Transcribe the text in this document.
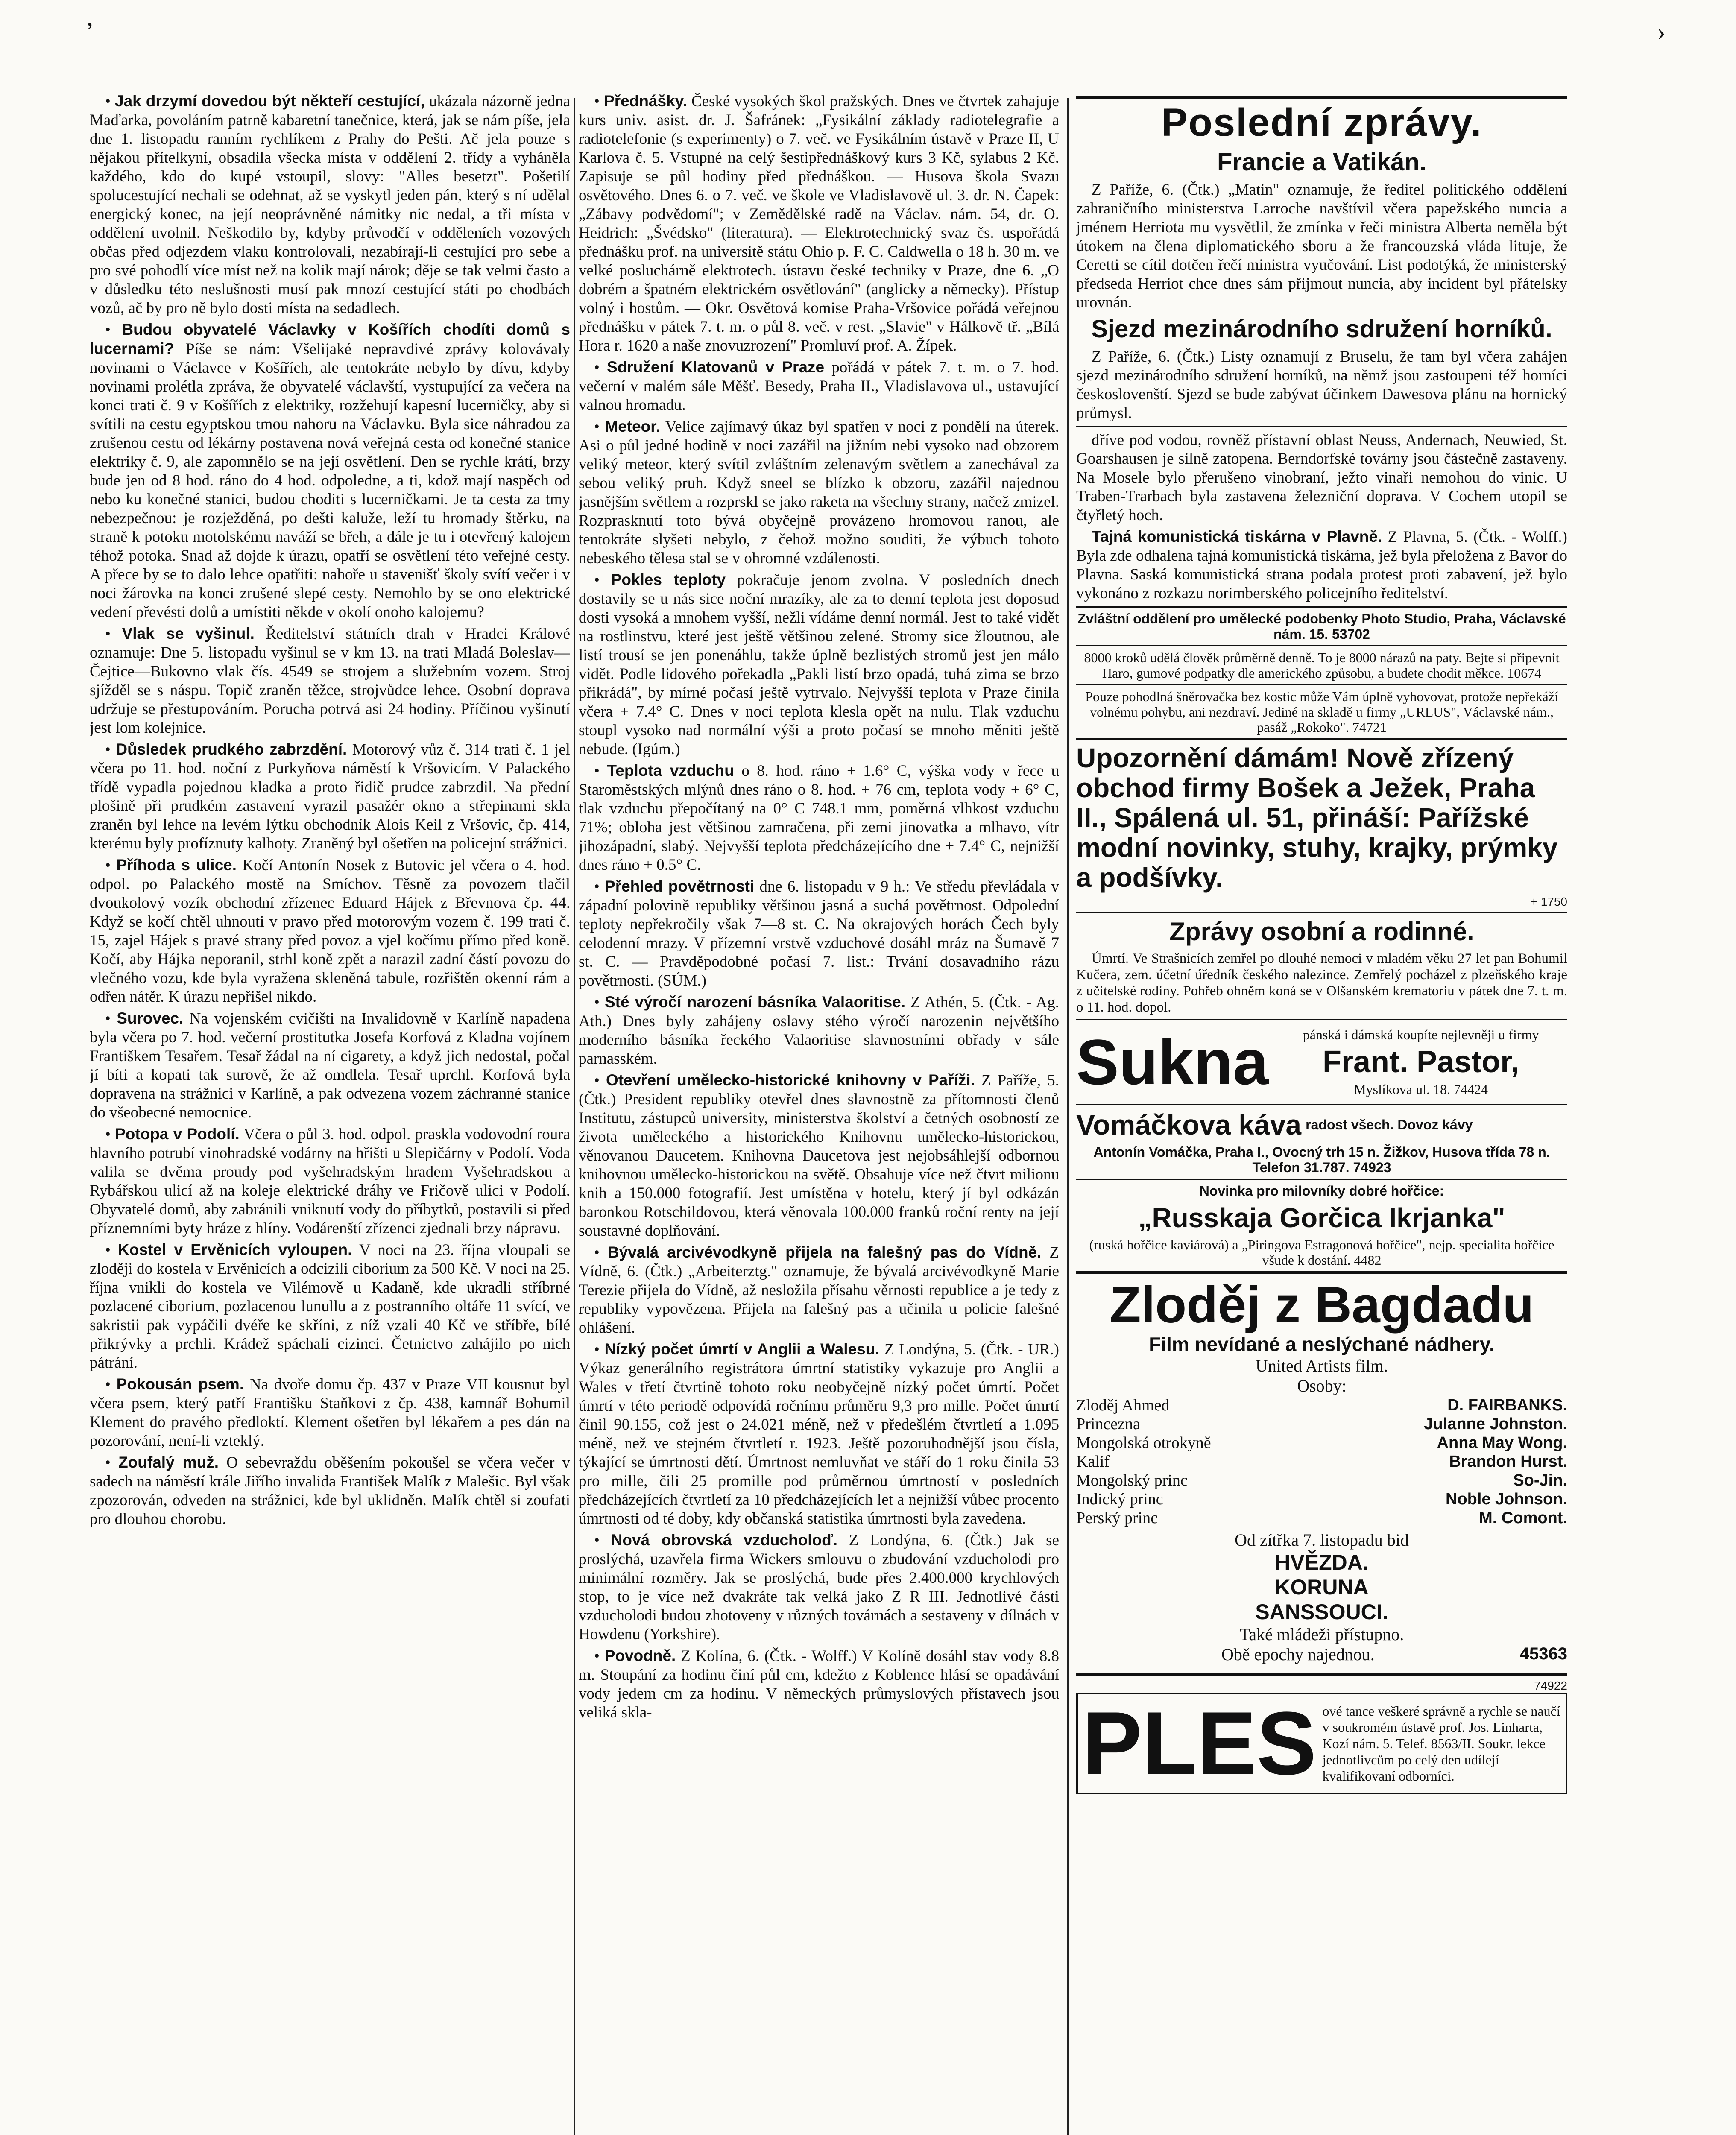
ʼ	›

• Jak drzymí dovedou být někteří cestující, ukázala názorně jedna Maďarka, povoláním patrně kabaretní tanečnice, která, jak se nám píše, jela dne 1. listopadu ranním rychlíkem z Prahy do Pešti. Ač jela pouze s nějakou přítelkyní, obsadila všecka místa v oddělení 2. třídy a vyháněla každého, kdo do kupé vstoupil, slovy: "Alles besetzt". Pošetilí spolucestující nechali se odehnat, až se vyskytl jeden pán, který s ní udělal energický konec, na její neoprávněné námitky nic nedal, a tři místa v oddělení uvolnil. Neškodilo by, kdyby průvodčí v odděleních vozových občas před odjezdem vlaku kontrolovali, nezabírají-li cestující pro sebe a pro své pohodlí více míst než na kolik mají nárok; děje se tak velmi často a v důsledku této neslušnosti musí pak mnozí cestující státi po chodbách vozů, ač by pro ně bylo dosti místa na sedadlech.

• Budou obyvatelé Václavky v Košířích chodíti domů s lucernami? Píše se nám: Všelijaké nepravdivé zprávy kolovávaly novinami o Václavce v Košířích, ale tentokráte nebylo by dívu, kdyby novinami prolétla zpráva, že obyvatelé václavští, vystupující za večera na konci trati č. 9 v Košířích z elektriky, rozžehují kapesní lucerničky, aby si svítili na cestu egyptskou tmou nahoru na Václavku. Byla sice náhradou za zrušenou cestu od lékárny postavena nová veřejná cesta od konečné stanice elektriky č. 9, ale zapomnělo se na její osvětlení. Den se rychle krátí, brzy bude jen od 8 hod. ráno do 4 hod. odpoledne, a ti, kdož mají naspěch od nebo ku konečné stanici, budou choditi s lucerničkami. Je ta cesta za tmy nebezpečnou: je rozježděná, po dešti kaluže, leží tu hromady štěrku, na straně k potoku motolskému naváží se břeh, a dále je tu i otevřený kalojem téhož potoka. Snad až dojde k úrazu, opatří se osvětlení této veřejné cesty. A přece by se to dalo lehce opatřiti: nahoře u stavenišť školy svítí večer i v noci žárovka na konci zrušené slepé cesty. Nemohlo by se ono elektrické vedení převésti dolů a umístiti někde v okolí onoho kalojemu?

• Vlak se vyšinul. Ředitelství státních drah v Hradci Králové oznamuje: Dne 5. listopadu vyšinul se v km 13. na trati Mladá Boleslav—Čejtice—Bukovno vlak čís. 4549 se strojem a služebním vozem. Stroj sjížděl se s náspu. Topič zraněn těžce, strojvůdce lehce. Osobní doprava udržuje se přestupováním. Porucha potrvá asi 24 hodiny. Příčinou vyšinutí jest lom kolejnice.

• Důsledek prudkého zabrzdění. Motorový vůz č. 314 trati č. 1 jel včera po 11. hod. noční z Purkyňova náměstí k Vršovicím. V Palackého třídě vypadla pojednou kladka a proto řidič prudce zabrzdil. Na přední plošině při prudkém zastavení vyrazil pasažér okno a střepinami skla zraněn byl lehce na levém lýtku obchodník Alois Keil z Vršovic, čp. 414, kterému byly profíznuty kalhoty. Zraněný byl ošetřen na policejní strážnici.

• Příhoda s ulice. Kočí Antonín Nosek z Butovic jel včera o 4. hod. odpol. po Palackého mostě na Smíchov. Těsně za povozem tlačil dvoukolový vozík obchodní zřízenec Eduard Hájek z Břevnova čp. 44. Když se kočí chtěl uhnouti v pravo před motorovým vozem č. 199 trati č. 15, zajel Hájek s pravé strany před povoz a vjel kočímu přímo před koně. Kočí, aby Hájka neporanil, strhl koně zpět a narazil zadní částí povozu do vlečného vozu, kde byla vyražena skleněná tabule, rozřištěn okenní rám a odřen nátěr. K úrazu nepřišel nikdo.

• Surovec. Na vojenském cvičišti na Invalidovně v Karlíně napadena byla včera po 7. hod. večerní prostitutka Josefa Korfová z Kladna vojínem Františkem Tesařem. Tesař žádal na ní cigarety, a když jich nedostal, počal jí bíti a kopati tak surově, že až omdlela. Tesař uprchl. Korfová byla dopravena na strážnici v Karlíně, a pak odvezena vozem záchranné stanice do všeobecné nemocnice.

• Potopa v Podolí. Včera o půl 3. hod. odpol. praskla vodovodní roura hlavního potrubí vinohradské vodárny na hřišti u Slepičárny v Podolí. Voda valila se dvěma proudy pod vyšehradským hradem Vyšehradskou a Rybářskou ulicí až na koleje elektrické dráhy ve Fričově ulici v Podolí. Obyvatelé domů, aby zabránili vniknutí vody do příbytků, postavili si před příznemními byty hráze z hlíny. Vodárenští zřízenci zjednali brzy nápravu.

• Kostel v Ervěnicích vyloupen. V noci na 23. října vloupali se zloději do kostela v Ervěnicích a odcizili ciborium za 500 Kč. V noci na 25. října vnikli do kostela ve Vilémově u Kadaně, kde ukradli stříbrné pozlacené ciborium, pozlacenou lunullu a z postranního oltáře 11 svící, ve sakristii pak vypáčili dvéře ke skříni, z níž vzali 40 Kč ve stříbře, bílé přikrývky a prchli. Krádež spáchali cizinci. Četnictvo zahájilo po nich pátrání.

• Pokousán psem. Na dvoře domu čp. 437 v Praze VII kousnut byl včera psem, který patří Františku Staňkovi z čp. 438, kamnář Bohumil Klement do pravého předloktí. Klement ošetřen byl lékařem a pes dán na pozorování, není-li vzteklý.

• Zoufalý muž. O sebevraždu oběšením pokoušel se včera večer v sadech na náměstí krále Jiřího invalida František Malík z Malešic. Byl však zpozorován, odveden na strážnici, kde byl uklidněn. Malík chtěl si zoufati pro dlouhou chorobu.

• Přednášky. České vysokých škol pražských. Dnes ve čtvrtek zahajuje kurs univ. asist. dr. J. Šafránek: „Fysikální základy radiotelegrafie a radiotelefonie (s experimenty) o 7. več. ve Fysikálním ústavě v Praze II, U Karlova č. 5. Vstupné na celý šestipřednáškový kurs 3 Kč, sylabus 2 Kč. Zapisuje se půl hodiny před přednáškou. — Husova škola Svazu osvětového. Dnes 6. o 7. več. ve škole ve Vladislavově ul. 3. dr. N. Čapek: „Zábavy podvědomí"; v Zemědělské radě na Václav. nám. 54, dr. O. Heidrich: „Švédsko" (literatura). — Elektrotechnický svaz čs. uspořádá přednášku prof. na universitě státu Ohio p. F. C. Caldwella o 18 h. 30 m. ve velké posluchárně elektrotech. ústavu české techniky v Praze, dne 6. „O dobrém a špatném elektrickém osvětlování" (anglicky a německy). Přístup volný i hostům. — Okr. Osvětová komise Praha-Vršovice pořádá veřejnou přednášku v pátek 7. t. m. o půl 8. več. v rest. „Slavie" v Hálkově tř. „Bílá Hora r. 1620 a naše znovuzrození" Promluví prof. A. Žípek.

• Sdružení Klatovanů v Praze pořádá v pátek 7. t. m. o 7. hod. večerní v malém sále Měšť. Besedy, Praha II., Vladislavova ul., ustavující valnou hromadu.

• Meteor. Velice zajímavý úkaz byl spatřen v noci z pondělí na úterek. Asi o půl jedné hodině v noci zazářil na jižním nebi vysoko nad obzorem veliký meteor, který svítil zvláštním zelenavým světlem a zanechával za sebou veliký pruh. Když sneel se blízko k obzoru, zazářil najednou jasnějším světlem a rozprskl se jako raketa na všechny strany, načež zmizel. Rozprasknutí toto bývá obyčejně provázeno hromovou ranou, ale tentokráte slyšeti nebylo, z čehož možno souditi, že výbuch tohoto nebeského tělesa stal se v ohromné vzdálenosti.

• Pokles teploty pokračuje jenom zvolna. V posledních dnech dostavily se u nás sice noční mrazíky, ale za to denní teplota jest doposud dosti vysoká a mnohem vyšší, nežli vídáme denní normál. Jest to také vidět na rostlinstvu, které jest ještě většinou zelené. Stromy sice žloutnou, ale listí trousí se jen ponenáhlu, takže úplně bezlistých stromů jest jen málo vidět. Podle lidového pořekadla „Pakli listí brzo opadá, tuhá zima se brzo přikrádá", by mírné počasí ještě vytrvalo. Nejvyšší teplota v Praze činila včera + 7.4° C. Dnes v noci teplota klesla opět na nulu. Tlak vzduchu stoupl vysoko nad normální výši a proto počasí se mnoho měniti ještě nebude. (Igúm.)

• Teplota vzduchu o 8. hod. ráno + 1.6° C, výška vody v řece u Staroměstských mlýnů dnes ráno o 8. hod. + 76 cm, teplota vody + 6° C, tlak vzduchu přepočítaný na 0° C 748.1 mm, poměrná vlhkost vzduchu 71%; obloha jest většinou zamračena, při zemi jinovatka a mlhavo, vítr jihozápadní, slabý. Nejvyšší teplota předcházejícího dne + 7.4° C, nejnižší dnes ráno + 0.5° C.

• Přehled povětrnosti dne 6. listopadu v 9 h.: Ve středu převládala v západní polovině republiky většinou jasná a suchá povětrnost. Odpolední teploty nepřekročily však 7—8 st. C. Na okrajových horách Čech byly celodenní mrazy. V přízemní vrstvě vzduchové dosáhl mráz na Šumavě 7 st. C. — Pravděpodobné počasí 7. list.: Trvání dosavadního rázu povětrnosti. (SÚM.)

• Sté výročí narození básníka Valaoritise. Z Athén, 5. (Čtk. - Ag. Ath.) Dnes byly zahájeny oslavy stého výročí narozenin největšího moderního básníka řeckého Valaoritise slavnostními obřady v sále parnasském.

• Otevření umělecko-historické knihovny v Paříži. Z Paříže, 5. (Čtk.) President republiky otevřel dnes slavnostně za přítomnosti členů Institutu, zástupců university, ministerstva školství a četných osobností ze života uměleckého a historického Knihovnu umělecko-historickou, věnovanou Daucetem. Knihovna Daucetova jest nejobsáhlejší odbornou knihovnou umělecko-historickou na světě. Obsahuje více než čtvrt milionu knih a 150.000 fotografií. Jest umístěna v hotelu, který jí byl odkázán baronkou Rotschildovou, která věnovala 100.000 franků roční renty na její soustavné doplňování.

• Bývalá arcivévodkyně přijela na falešný pas do Vídně. Z Vídně, 6. (Čtk.) „Arbeiterztg." oznamuje, že bývalá arcivévodkyně Marie Terezie přijela do Vídně, až nesložila přísahu věrnosti republice a je tedy z republiky vypovězena. Přijela na falešný pas a učinila u policie falešné ohlášení.

• Nízký počet úmrtí v Anglii a Walesu. Z Londýna, 5. (Čtk. - UR.) Výkaz generálního registrátora úmrtní statistiky vykazuje pro Anglii a Wales v třetí čtvrtině tohoto roku neobyčejně nízký počet úmrtí. Počet úmrtí v této periodě odpovídá ročnímu průměru 9,3 pro mille. Počet úmrtí činil 90.155, což jest o 24.021 méně, než v předešlém čtvrtletí a 1.095 méně, než ve stejném čtvrtletí r. 1923. Ještě pozoruhodnější jsou čísla, týkající se úmrtnosti dětí. Úmrtnost nemluvňat ve stáří do 1 roku činila 53 pro mille, čili 25 promille pod průměrnou úmrtností v posledních předcházejících čtvrtletí za 10 předcházejících let a nejnižší vůbec procento úmrtnosti od té doby, kdy občanská statistika úmrtnosti byla zavedena.

• Nová obrovská vzducholoď. Z Londýna, 6. (Čtk.) Jak se proslýchá, uzavřela firma Wickers smlouvu o zbudování vzducholodi pro minimální rozměry. Jak se proslýchá, bude přes 2.400.000 krychlových stop, to je více než dvakráte tak velká jako Z R III. Jednotlivé části vzducholodi budou zhotoveny v různých továrnách a sestaveny v dílnách v Howdenu (Yorkshire).

• Povodně. Z Kolína, 6. (Čtk. - Wolff.) V Kolíně dosáhl stav vody 8.8 m. Stoupání za hodinu činí půl cm, kdežto z Koblence hlásí se opadávání vody jedem cm za hodinu. V německých průmyslových přístavech jsou veliká skla-

Poslední zprávy.
Francie a Vatikán.

Z Paříže, 6. (Čtk.) „Matin" oznamuje, že ředitel politického oddělení zahraničního ministerstva Larroche navštívil včera papežského nuncia a jménem Herriota mu vysvětlil, že zmínka v řeči ministra Alberta neměla být útokem na člena diplomatického sboru a že francouzská vláda lituje, že Ceretti se cítil dotčen řečí ministra vyučování. List podotýká, že ministerský předseda Herriot chce dnes sám přijmout nuncia, aby incident byl přátelsky urovnán.

Sjezd mezinárodního sdružení horníků.

Z Paříže, 6. (Čtk.) Listy oznamují z Bruselu, že tam byl včera zahájen sjezd mezinárodního sdružení horníků, na němž jsou zastoupeni též horníci českoslovenští. Sjezd se bude zabývat účinkem Dawesova plánu na hornický průmysl.

dříve pod vodou, rovněž přístavní oblast Neuss, Andernach, Neuwied, St. Goarshausen je silně zatopena. Berndorfské továrny jsou částečně zastaveny. Na Mosele bylo přerušeno vinobraní, ježto vinaři nemohou do vinic. U Traben-Trarbach byla zastavena železniční doprava. V Cochem utopil se čtyřletý hoch.

Tajná komunistická tiskárna v Plavně. Z Plavna, 5. (Čtk. - Wolff.) Byla zde odhalena tajná komunistická tiskárna, jež byla přeložena z Bavor do Plavna. Saská komunistická strana podala protest proti zabavení, jež bylo vykonáno z rozkazu norimberského policejního ředitelství.

Zvláštní oddělení pro umělecké podobenky Photo Studio, Praha, Václavské nám. 15. 53702
8000 kroků udělá člověk průměrně denně. To je 8000 nárazů na paty. Bejte si připevnit Haro, gumové podpatky dle amerického způsobu, a budete chodit měkce. 10674
Pouze pohodlná šněrovačka bez kostic může Vám úplně vyhovovat, protože nepřekáží volnému pohybu, ani nezdraví. Jediné na skladě u firmy „URLUS", Václavské nám., pasáž „Rokoko". 74721
Upozornění dámám! Nově zřízený obchod firmy Bošek a Ježek, Praha II., Spálená ul. 51, přináší: Pařížské modní novinky, stuhy, krajky, prýmky a podšívky.
+ 1750
Zprávy osobní a rodinné.

Úmrtí. Ve Strašnicích zemřel po dlouhé nemoci v mladém věku 27 let pan Bohumil Kučera, zem. účetní úředník českého nalezince. Zemřelý pocházel z plzeňského kraje z učitelské rodiny. Pohřeb ohněm koná se v Olšanském krematoriu v pátek dne 7. t. m. o 11. hod. dopol.

Sukna	pánská i dámská koupíte nejlevněji u firmy
Frant. Pastor,
Myslíkova ul. 18. 74424
Vomáčkova káva radost všech. Dovoz kávy
Antonín Vomáčka, Praha I., Ovocný trh 15 n. Žižkov, Husova třída 78 n. Telefon 31.787. 74923
Novinka pro milovníky dobré hořčice:
„Russkaja Gorčica Ikrjanka"
(ruská hořčice kaviárová) a „Piringova Estragonová hořčice", nejp. specialita hořčice všude k dostání. 4482
Zloděj z Bagdadu
Film nevídané a neslýchané nádhery.
United Artists film.
Osoby:
Zloděj Ahmed	D. FAIRBANKS.
Princezna	Julanne Johnston.
Mongolská otrokyně	Anna May Wong.
Kalif	Brandon Hurst.
Mongolský princ	So-Jin.
Indický princ	Noble Johnson.
Perský princ	M. Comont.
Od zítřka 7. listopadu bid
HVĚZDA.
KORUNA
SANSSOUCI.
Také mládeži přístupno.
Obě epochy najednou.	45363
74922
PLES ové tance veškeré správně a rychle se naučí v soukromém ústavě prof. Jos. Linharta, Kozí nám. 5. Telef. 8563/II. Soukr. lekce jednotlivcům po celý den udílejí kvalifikovaní odborníci.
